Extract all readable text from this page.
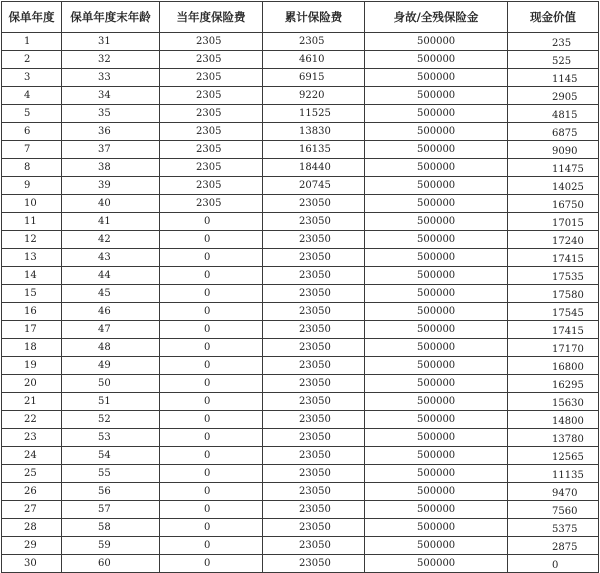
保单年度	保单年度末年龄	当年度保险费	累计保险费	身故/全残保险金	现金价值
1	31	2305	2305	500000	235
2	32	2305	4610	500000	525
3	33	2305	6915	500000	1145
4	34	2305	9220	500000	2905
5	35	2305	11525	500000	4815
6	36	2305	13830	500000	6875
7	37	2305	16135	500000	9090
8	38	2305	18440	500000	11475
9	39	2305	20745	500000	14025
10	40	2305	23050	500000	16750
11	41	0	23050	500000	17015
12	42	0	23050	500000	17240
13	43	0	23050	500000	17415
14	44	0	23050	500000	17535
15	45	0	23050	500000	17580
16	46	0	23050	500000	17545
17	47	0	23050	500000	17415
18	48	0	23050	500000	17170
19	49	0	23050	500000	16800
20	50	0	23050	500000	16295
21	51	0	23050	500000	15630
22	52	0	23050	500000	14800
23	53	0	23050	500000	13780
24	54	0	23050	500000	12565
25	55	0	23050	500000	11135
26	56	0	23050	500000	9470
27	57	0	23050	500000	7560
28	58	0	23050	500000	5375
29	59	0	23050	500000	2875
30	60	0	23050	500000	0
